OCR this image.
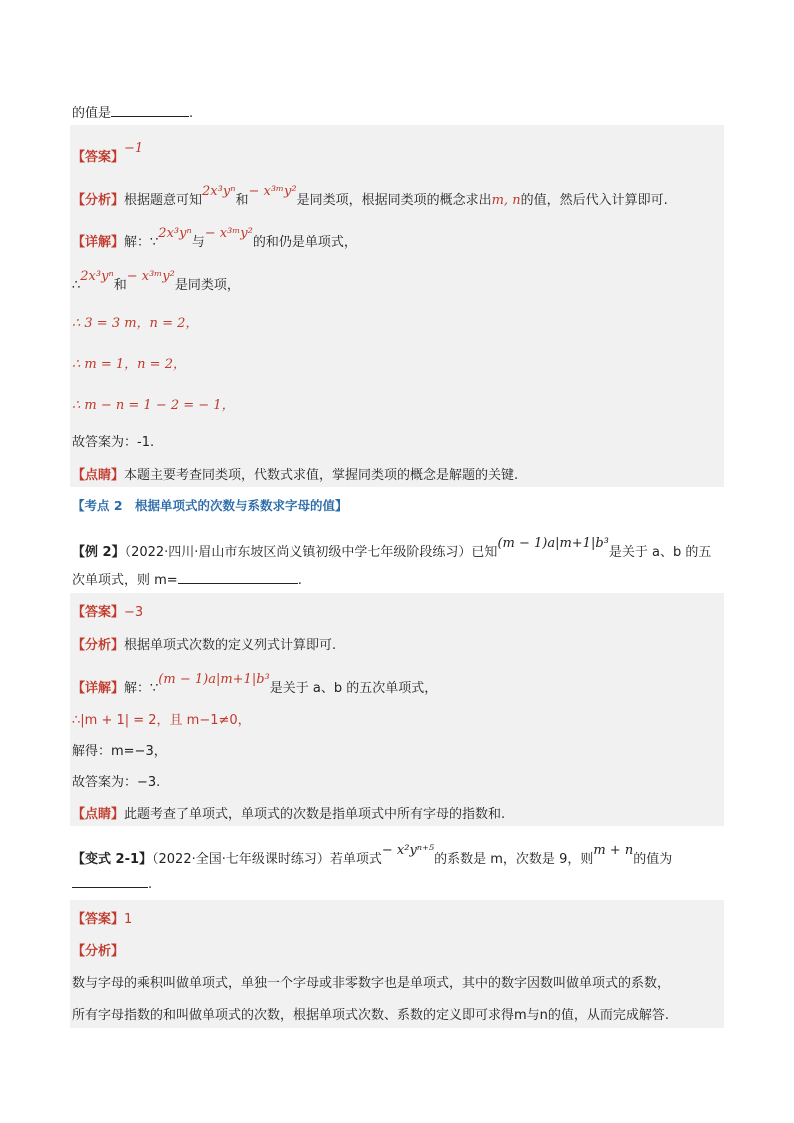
的值是	.
【答案】−1
【分析】根据题意可知2x³yⁿ和− x³ᵐy²是同类项，根据同类项的概念求出m, n的值，然后代入计算即可.
【详解】解：∵2x³yⁿ与− x³ᵐy²的和仍是单项式，
∴2x³yⁿ和− x³ᵐy²是同类项，
∴ 3 = 3 m，n = 2，
∴ m = 1，n = 2，
∴ m − n = 1 − 2 = − 1，
故答案为：-1.
【点睛】本题主要考查同类项，代数式求值，掌握同类项的概念是解题的关键.
【考点 2　根据单项式的次数与系数求字母的值】
【例 2】（2022·四川·眉山市东坡区尚义镇初级中学七年级阶段练习）已知(m − 1)a|m+1|b³是关于 a、b 的五
次单项式，则 m=	.
【答案】−3
【分析】根据单项式次数的定义列式计算即可.
【详解】解：∵(m − 1)a|m+1|b³是关于 a、b 的五次单项式，
∴|m + 1| = 2，且 m−1≠0，
解得：m=−3，
故答案为：−3.
【点睛】此题考查了单项式，单项式的次数是指单项式中所有字母的指数和.
【变式 2-1】（2022·全国·七年级课时练习）若单项式− x²yⁿ⁺⁵的系数是 m，次数是 9，则m + n的值为
.
【答案】1
【分析】
数与字母的乘积叫做单项式，单独一个字母或非零数字也是单项式，其中的数字因数叫做单项式的系数，
所有字母指数的和叫做单项式的次数，根据单项式次数、系数的定义即可求得m与n的值，从而完成解答.
